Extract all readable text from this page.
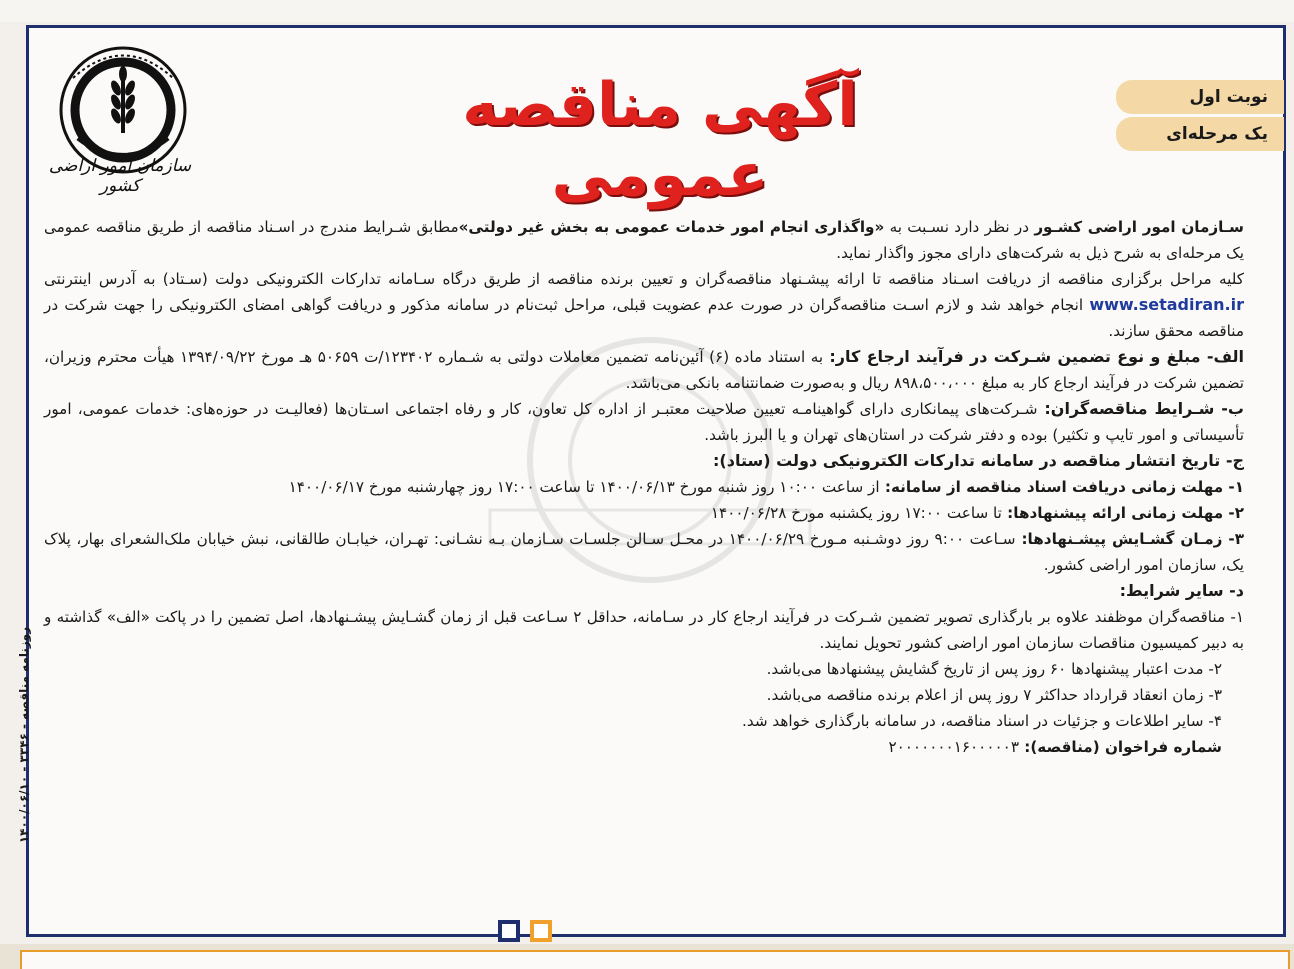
سازمان امور اراضی کشور
آگهی مناقصه عمومی
نوبت اول
یک مرحله‌ای

سـازمان امور اراضی کشـور در نظر دارد نسـبت به «واگذاری انجام امور خدمات عمومی به بخش غیر دولتی»مطابق شـرایط مندرج در اسـناد مناقصه از طریق مناقصه عمومی یک مرحله‌ای به شرح ذیل به شرکت‌های دارای مجوز واگذار نماید.

کلیه مراحل برگزاری مناقصه از دریافت اسـناد مناقصه تا ارائه پیشـنهاد مناقصه‌گران و تعیین برنده مناقصه از طریق درگاه سـامانه تدارکات الکترونیکی دولت (سـتاد) به آدرس اینترنتی www.setadiran.ir انجام خواهد شد و لازم اسـت مناقصه‌گران در صورت عدم عضویت قبلی، مراحل ثبت‌نام در سامانه مذکور و دریافت گواهی امضای الکترونیکی را جهت شرکت در مناقصه محقق سازند.

الف- مبلغ و نوع تضمین شـرکت در فرآیند ارجاع کار: به استناد ماده (۶) آئین‌نامه تضمین معاملات دولتی به شـماره ۱۲۳۴۰۲/ت ۵۰۶۵۹ هـ مورخ ۱۳۹۴/۰۹/۲۲ هیأت محترم وزیران، تضمین شرکت در فرآیند ارجاع کار به مبلغ ۸۹۸،۵۰۰،۰۰۰ ریال و به‌صورت ضمانتنامه بانکی می‌باشد.

ب- شـرایط مناقصه‌گران: شـرکت‌های پیمانکاری دارای گواهینامـه تعیین صلاحیت معتبـر از اداره کل تعاون، کار و رفاه اجتماعی اسـتان‌ها (فعالیـت در حوزه‌های: خدمات عمومی، امور تأسیساتی و امور تایپ و تکثیر) بوده و دفتر شرکت در استان‌های تهران و یا البرز باشد.

ج- تاریخ انتشار مناقصه در سامانه تدارکات الکترونیکی دولت (ستاد):

۱- مهلت زمانی دریافت اسناد مناقصه از سامانه: از ساعت ۱۰:۰۰ روز شنبه مورخ ۱۴۰۰/۰۶/۱۳ تا ساعت ۱۷:۰۰ روز چهارشنبه مورخ ۱۴۰۰/۰۶/۱۷

۲- مهلت زمانی ارائه پیشنهادها: تا ساعت ۱۷:۰۰ روز یکشنبه مورخ ۱۴۰۰/۰۶/۲۸

۳- زمـان گشـایش پیشـنهادها: سـاعت ۹:۰۰ روز دوشـنبه مـورخ ۱۴۰۰/۰۶/۲۹ در محـل سـالن جلسـات سـازمان بـه نشـانی: تهـران، خیابـان طالقانی، نبش خیابان ملک‌الشعرای بهار، پلاک یک، سازمان امور اراضی کشور.

د- سایر شرایط:

۱- مناقصه‌گران موظفند علاوه بر بارگذاری تصویر تضمین شـرکت در فرآیند ارجاع کار در سـامانه، حداقل ۲ سـاعت قبل از زمان گشـایش پیشـنهادها، اصل تضمین را در پاکت «الف» گذاشته و به دبیر کمیسیون مناقصات سازمان امور اراضی کشور تحویل نمایند.

۲- مدت اعتبار پیشنهادها ۶۰ روز پس از تاریخ گشایش پیشنهادها می‌باشد.

۳- زمان انعقاد قرارداد حداکثر ۷ روز پس از اعلام برنده مناقصه می‌باشد.

۴- سایر اطلاعات و جزئیات در اسناد مناقصه، در سامانه بارگذاری خواهد شد.

شماره فراخوان (مناقصه): ۲۰۰۰۰۰۰۰۱۶۰۰۰۰۰۳

روزنامه مناقصه - ۳۳۴۶ - ۱۴۰۰/۰۶/۱۰
